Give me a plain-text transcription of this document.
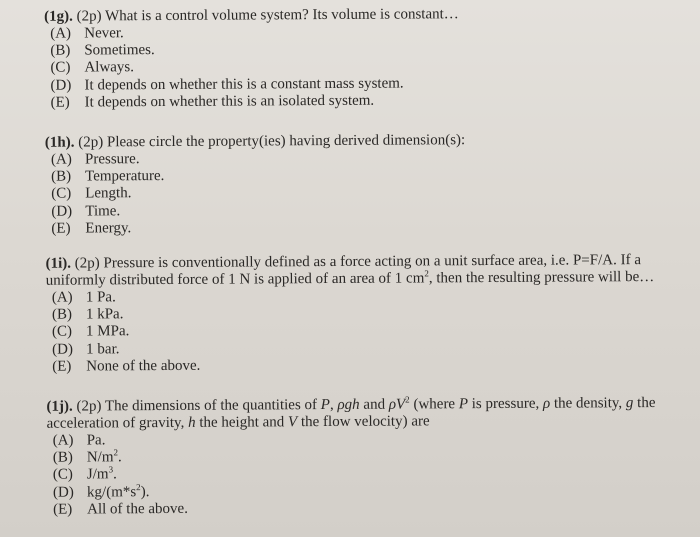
(1g). (2p) What is a control volume system? Its volume is constant…

(A) Never.
(B) Sometimes.
(C) Always.
(D) It depends on whether this is a constant mass system.
(E) It depends on whether this is an isolated system.

(1h). (2p) Please circle the property(ies) having derived dimension(s):

(A) Pressure.
(B) Temperature.
(C) Length.
(D) Time.
(E) Energy.

(1i). (2p) Pressure is conventionally defined as a force acting on a unit surface area, i.e. P=F/A. If a uniformly distributed force of 1 N is applied of an area of 1 $cm^2$, then the resulting pressure will be…

(A) 1 Pa.
(B) 1 kPa.
(C) 1 MPa.
(D) 1 bar.
(E) None of the above.

(1j). (2p) The dimensions of the quantities of P, ρgh and $\rho V^2$ (where P is pressure, ρ the density, g the acceleration of gravity, h the height and V the flow velocity) are

(A) Pa.
(B) $N/m^2$.
(C) $J/m^3$.
(D) $kg/(m*s^2)$.
(E) All of the above.
